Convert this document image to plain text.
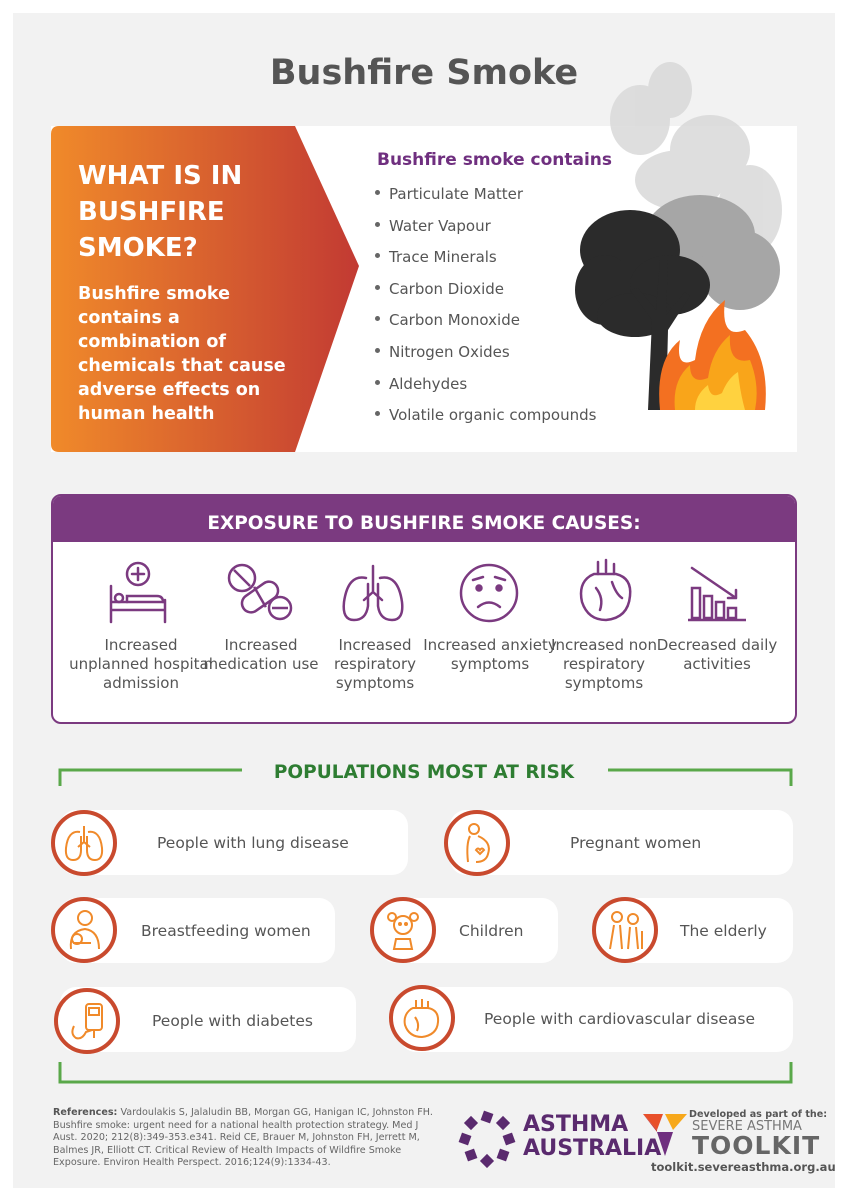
Bushfire Smoke
WHAT IS IN BUSHFIRE SMOKE?
Bushfire smoke contains a combination of chemicals that cause adverse effects on human health
Bushfire smoke contains
Particulate Matter
Water Vapour
Trace Minerals
Carbon Dioxide
Carbon Monoxide
Nitrogen Oxides
Aldehydes
Volatile organic compounds
EXPOSURE TO BUSHFIRE SMOKE CAUSES:
Increased unplanned hospital admission
Increased medication use
Increased respiratory symptoms
Increased anxiety symptoms
Increased non respiratory symptoms
Decreased daily activities
POPULATIONS MOST AT RISK
People with lung disease	Pregnant women
Breastfeeding women	Children	The elderly
People with diabetes	People with cardiovascular disease
References: Vardoulakis S, Jalaludin BB, Morgan GG, Hanigan IC, Johnston FH. Bushfire smoke: urgent need for a national health protection strategy. Med J Aust. 2020; 212(8):349-353.e341. Reid CE, Brauer M, Johnston FH, Jerrett M, Balmes JR, Elliott CT. Critical Review of Health Impacts of Wildfire Smoke Exposure. Environ Health Perspect. 2016;124(9):1334-43.
ASTHMA
AUSTRALIA
Developed as part of the:
SEVERE ASTHMA
TOOLKIT
toolkit.severeasthma.org.au
